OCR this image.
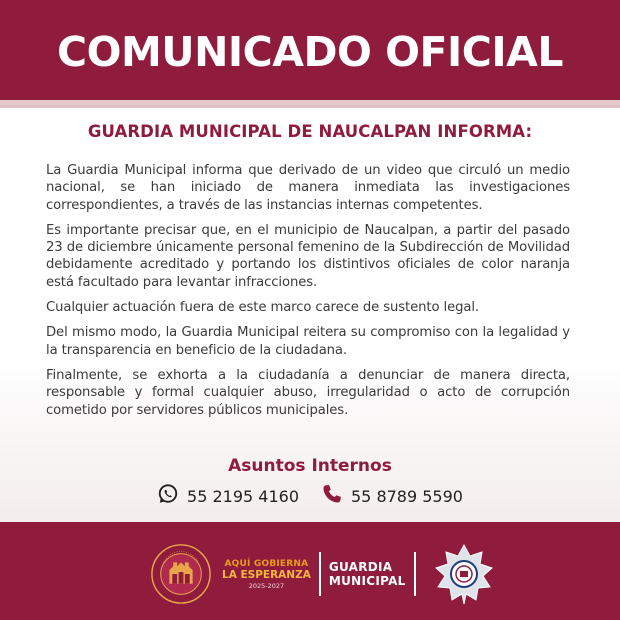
COMUNICADO OFICIAL
GUARDIA MUNICIPAL DE NAUCALPAN INFORMA:

La Guardia Municipal informa que derivado de un video que circuló un medio nacional, se han iniciado de manera inmediata las investigaciones correspondientes, a través de las instancias internas competentes.

Es importante precisar que, en el municipio de Naucalpan, a partir del pasado 23 de diciembre únicamente personal femenino de la Subdirección de Movilidad debidamente acreditado y portando los distintivos oficiales de color naranja está facultado para levantar infracciones.

Cualquier actuación fuera de este marco carece de sustento legal.

Del mismo modo, la Guardia Municipal reitera su compromiso con la legalidad y la transparencia en beneficio de la ciudadana.

Finalmente, se exhorta a la ciudadanía a denunciar de manera directa, responsable y formal cualquier abuso, irregularidad o acto de corrupción cometido por servidores públicos municipales.

Asuntos Internos
55 2195 4160	55 8789 5590
AQUÍ GOBIERNA
LA ESPERANZA
2025-2027
GUARDIA
MUNICIPAL
